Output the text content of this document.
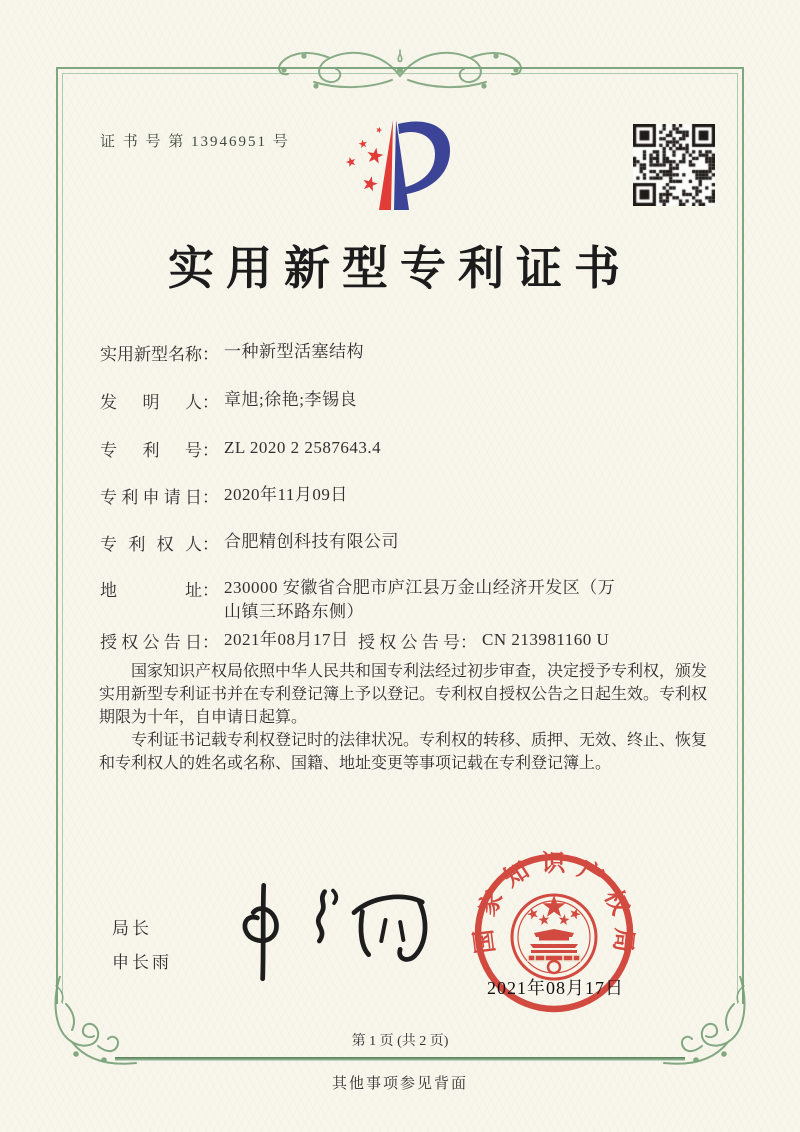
证 书 号 第 13946951 号
实用新型专利证书
实用新型名称 ： 一种新型活塞结构
发明人 ： 章旭;徐艳;李锡良
专利号 ： ZL 2020 2 2587643.4
专利申请日 ： 2020年11月09日
专利权人 ： 合肥精创科技有限公司
地址 ： 230000 安徽省合肥市庐江县万金山经济开发区（万山镇三环路东侧）
授权公告日 ： 2021年08月17日 授权公告号 ： CN 213981160 U

国家知识产权局依照中华人民共和国专利法经过初步审查，决定授予专利权，颁发实用新型专利证书并在专利登记簿上予以登记。专利权自授权公告之日起生效。专利权期限为十年，自申请日起算。

专利证书记载专利权登记时的法律状况。专利权的转移、质押、无效、终止、恢复和专利权人的姓名或名称、国籍、地址变更等事项记载在专利登记簿上。

局长
申长雨
国家知识产权局
2021年08月17日
第 1 页 (共 2 页)
其他事项参见背面
